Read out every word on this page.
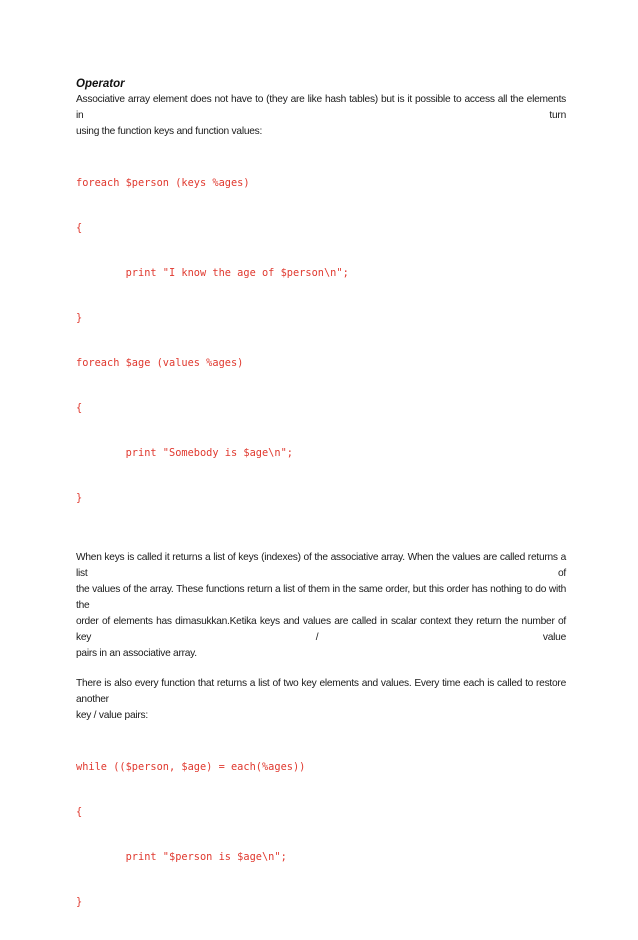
Operator
Associative array element does not have to (they are like hash tables) but is it possible to access all the elements in turn
using the function keys and function values:

foreach $person (keys %ages)

{

print "I know the age of $person\n";

}

foreach $age (values %ages)

{

print "Somebody is $age\n";

}

When keys is called it returns a list of keys (indexes) of the associative array. When the values are called returns a list of
the values of the array. These functions return a list of them in the same order, but this order has nothing to do with the
order of elements has dimasukkan.Ketika keys and values are called in scalar context they return the number of key / value
pairs in an associative array.
There is also every function that returns a list of two key elements and values. Every time each is called to restore another
key / value pairs:

while (($person, $age) = each(%ages))

{

print "$person is $age\n";

}
